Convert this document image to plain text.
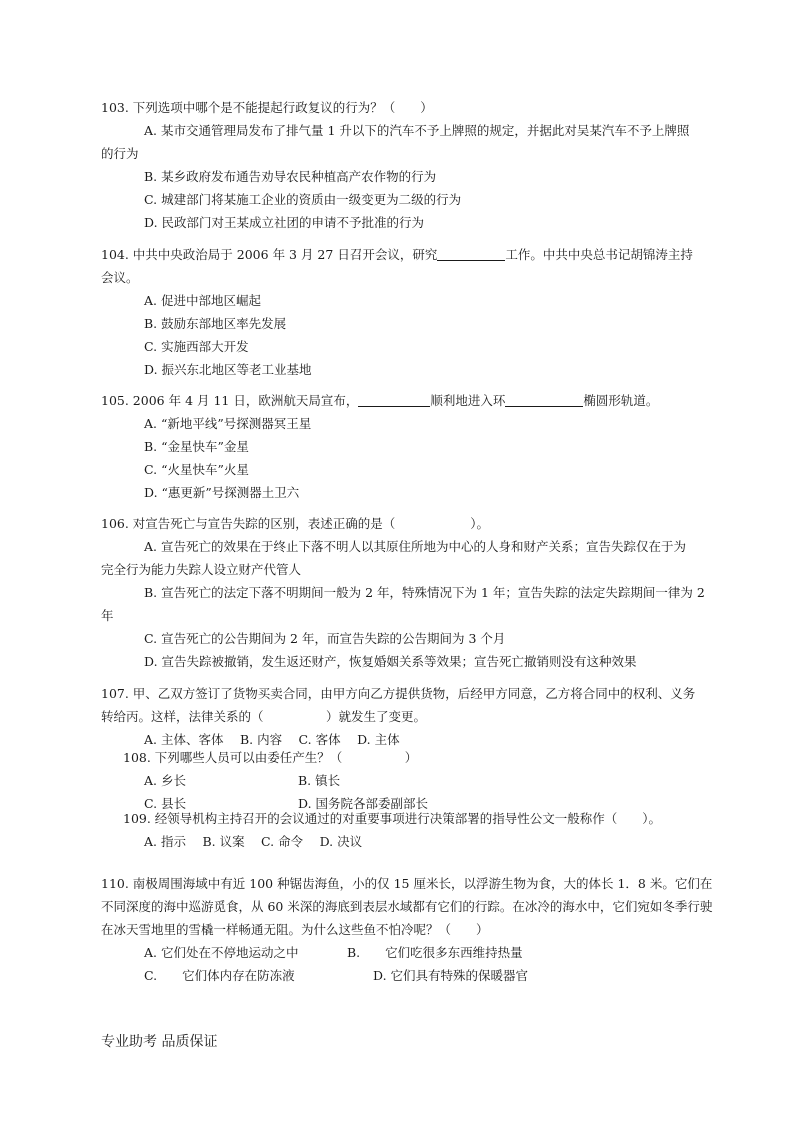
103. 下列选项中哪个是不能提起行政复议的行为？（　　）
A. 某市交通管理局发布了排气量 1 升以下的汽车不予上牌照的规定，并据此对吴某汽车不予上牌照
的行为
B. 某乡政府发布通告劝导农民种植高产农作物的行为
C. 城建部门将某施工企业的资质由一级变更为二级的行为
D. 民政部门对王某成立社团的申请不予批准的行为
104. 中共中央政治局于 2006 年 3 月 27 日召开会议，研究	工作。中共中央总书记胡锦涛主持
会议。
A. 促进中部地区崛起
B. 鼓励东部地区率先发展
C. 实施西部大开发
D. 振兴东北地区等老工业基地
105. 2006 年 4 月 11 日，欧洲航天局宣布，	顺利地进入环	椭圆形轨道。
A. “新地平线”号探测器冥王星
B. “金星快车”金星
C. “火星快车”火星
D. “惠更新”号探测器土卫六
106. 对宣告死亡与宣告失踪的区别，表述正确的是（　　　　　　）。
A. 宣告死亡的效果在于终止下落不明人以其原住所地为中心的人身和财产关系；宣告失踪仅在于为
完全行为能力失踪人设立财产代管人
B. 宣告死亡的法定下落不明期间一般为 2 年，特殊情况下为 1 年；宣告失踪的法定失踪期间一律为 2
年
C. 宣告死亡的公告期间为 2 年，而宣告失踪的公告期间为 3 个月
D. 宣告失踪被撤销，发生返还财产，恢复婚姻关系等效果；宣告死亡撤销则没有这种效果
107. 甲、乙双方签订了货物买卖合同，由甲方向乙方提供货物，后经甲方同意，乙方将合同中的权利、义务
转给丙。这样，法律关系的（　　　　　）就发生了变更。
A. 主体、客体　 B. 内容　 C. 客体　 D. 主体
108. 下列哪些人员可以由委任产生？（　　　　　）
A. 乡长	B. 镇长
C. 县长	D. 国务院各部委副部长
109. 经领导机构主持召开的会议通过的对重要事项进行决策部署的指导性公文一般称作（　　）。
A. 指示　 B. 议案　 C. 命令　 D. 决议
110. 南极周围海域中有近 100 种锯齿海鱼，小的仅 15 厘米长，以浮游生物为食，大的体长 1．8 米。它们在
不同深度的海中巡游觅食，从 60 米深的海底到表层水域都有它们的行踪。在冰冷的海水中，它们宛如冬季行驶
在冰天雪地里的雪橇一样畅通无阻。为什么这些鱼不怕冷呢？（　　）
A. 它们处在不停地运动之中	B.　　它们吃很多东西维持热量
C.　　它们体内存在防冻液	D. 它们具有特殊的保暖器官
专业助考 品质保证
